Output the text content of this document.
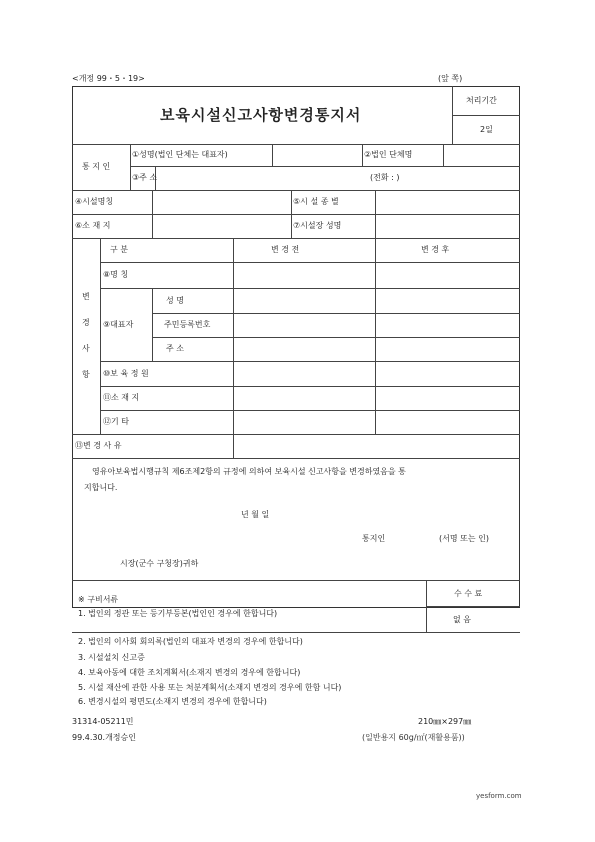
<개정 99・5・19>	(앞 쪽)
보육시설신고사항변경통지서
처리기간
2일
통 지 인
①성명(법인 단체는 대표자)	②법인 단체명
③주 소	(전화 : )
④시설명칭	⑤시 설 종 별
⑥소 재 지	⑦시설장 성명
변
경
사
항
구 분	변 경 전	변 경 후
⑧명 칭
⑨대표자
성 명
주민등록번호
주 소
⑩보 육 정 원
⑪소 재 지
⑫기 타
⑬변 경 사 유
영유아보육법시행규칙 제6조제2항의 규정에 의하여 보육시설 신고사항을 변경하였음을 통
지합니다.
년 월 일
통지인	(서명 또는 인)
시장(군수 구청장)귀하
※ 구비서류
1. 법인의 정관 또는 등기부등본(법인인 경우에 한합니다)
2. 법인의 이사회 회의록(법인의 대표자 변경의 경우에 한합니다)
3. 시설설치 신고증
4. 보육아동에 대한 조치계획서(소재지 변경의 경우에 한합니다)
5. 시설 재산에 관한 사용 또는 처분계획서(소재지 변경의 경우에 한함 니다)
6. 변경시설의 평면도(소재지 변경의 경우에 한합니다)
수 수 료
없 음
31314-05211민
99.4.30.개정승인
210㎜×297㎜
(일반용지 60g/㎡(재활용품))
yesform.com
